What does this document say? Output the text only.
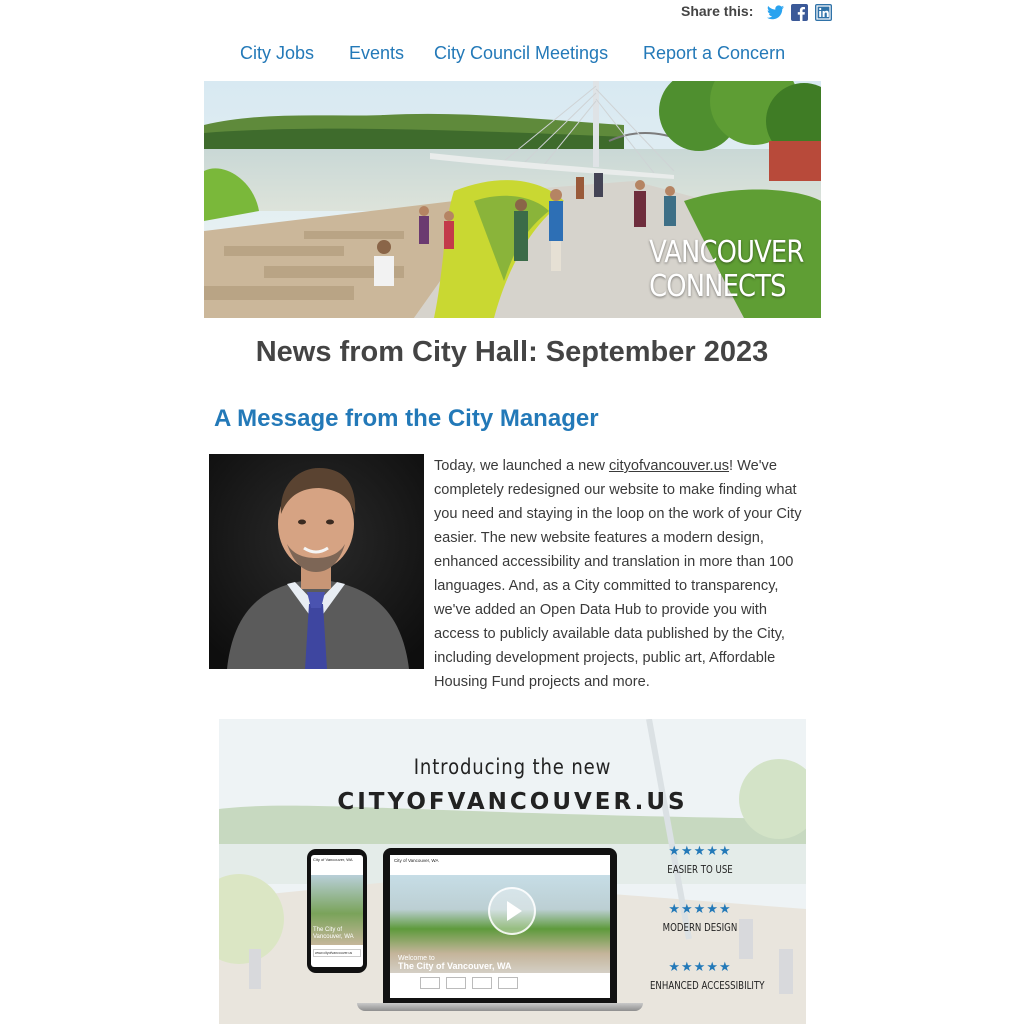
Share this:
City Jobs Events City Council Meetings Report a Concern
VANCOUVER
CONNECTS
News from City Hall: September 2023
A Message from the City Manager
Today, we launched a new cityofvancouver.us! We've completely redesigned our website to make finding what you need and staying in the loop on the work of your City easier. The new website features a modern design, enhanced accessibility and translation in more than 100 languages. And, as a City committed to transparency, we've added an Open Data Hub to provide you with access to publicly available data published by the City, including development projects, public art, Affordable Housing Fund projects and more.
Introducing the new
CITYOFVANCOUVER.US
City of Vancouver, WA
The City of Vancouver, WA
www.cityofvancouver.us
City of Vancouver, WA
Welcome to
The City of Vancouver, WA
★★★★★
EASIER TO USE
★★★★★
MODERN DESIGN
★★★★★
ENHANCED ACCESSIBILITY
